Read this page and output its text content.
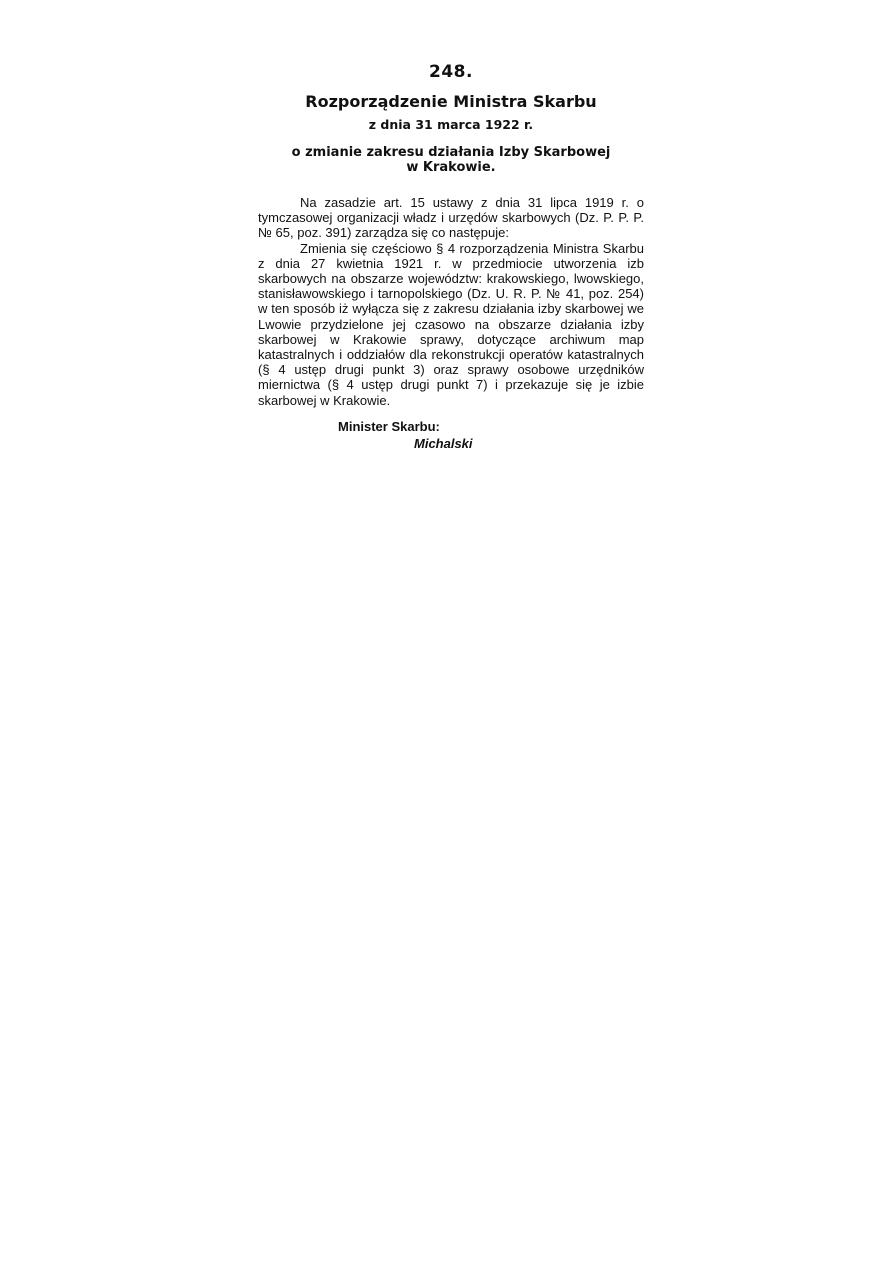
248.
Rozporządzenie Ministra Skarbu
z dnia 31 marca 1922 r.
o zmianie zakresu działania Izby Skarbowej
w Krakowie.

Na zasadzie art. 15 ustawy z dnia 31 lipca 1919 r. o tymczasowej organizacji władz i urzędów skarbowych (Dz. P. P. P. № 65, poz. 391) zarządza się co następuje:

Zmienia się częściowo § 4 rozporządzenia Ministra Skarbu z dnia 27 kwietnia 1921 r. w przedmiocie utworzenia izb skarbowych na obszarze województw: krakowskiego, lwowskiego, stanisławowskiego i tarnopolskiego (Dz. U. R. P. № 41, poz. 254) w ten sposób iż wyłącza się z zakresu działania izby skarbowej we Lwowie przydzielone jej czasowo na obszarze działania izby skarbowej w Krakowie sprawy, dotyczące archiwum map katastralnych i oddziałów dla rekonstrukcji operatów katastralnych (§ 4 ustęp drugi punkt 3) oraz sprawy osobowe urzędników miernictwa (§ 4 ustęp drugi punkt 7) i przekazuje się je izbie skarbowej w Krakowie.

Minister Skarbu:
Michalski
